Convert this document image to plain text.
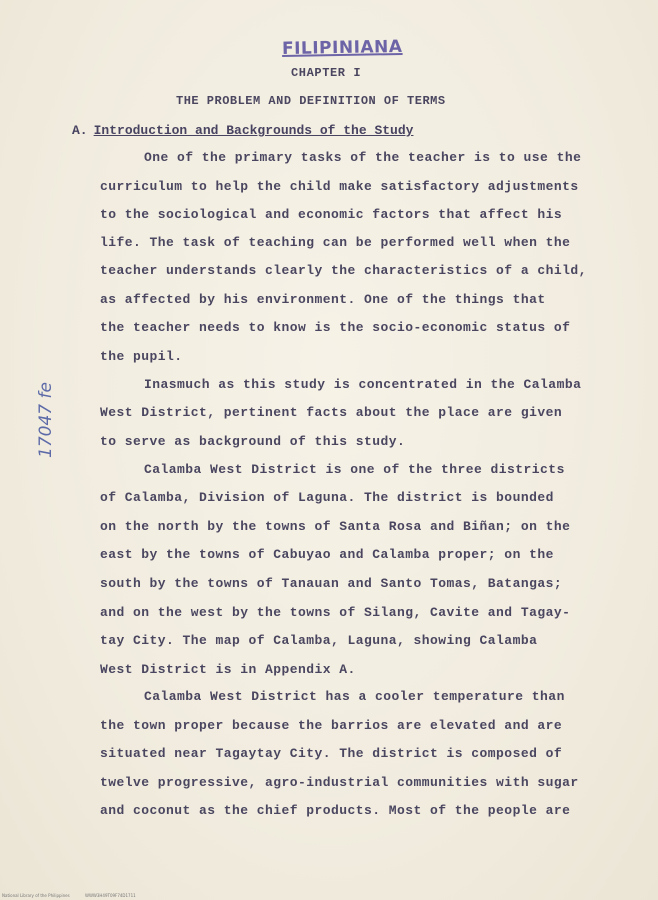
FILIPINIANA
CHAPTER I
THE PROBLEM AND DEFINITION OF TERMS
A. Introduction and Backgrounds of the Study
17047 fe
One of the primary tasks of the teacher is to use the
curriculum to help the child make satisfactory adjustments
to the sociological and economic factors that affect his
life. The task of teaching can be performed well when the
teacher understands clearly the characteristics of a child,
as affected by his environment. One of the things that
the teacher needs to know is the socio-economic status of
the pupil.
Inasmuch as this study is concentrated in the Calamba
West District, pertinent facts about the place are given
to serve as background of this study.
Calamba West District is one of the three districts
of Calamba, Division of Laguna. The district is bounded
on the north by the towns of Santa Rosa and Biñan; on the
east by the towns of Cabuyao and Calamba proper; on the
south by the towns of Tanauan and Santo Tomas, Batangas;
and on the west by the towns of Silang, Cavite and Tagay-
tay City. The map of Calamba, Laguna, showing Calamba
West District is in Appendix A.
Calamba West District has a cooler temperature than
the town proper because the barrios are elevated and are
situated near Tagaytay City. The district is composed of
twelve progressive, agro-industrial communities with sugar
and coconut as the chief products. Most of the people are
National Library of the Philippines	WWW3H49T09F74D1711
